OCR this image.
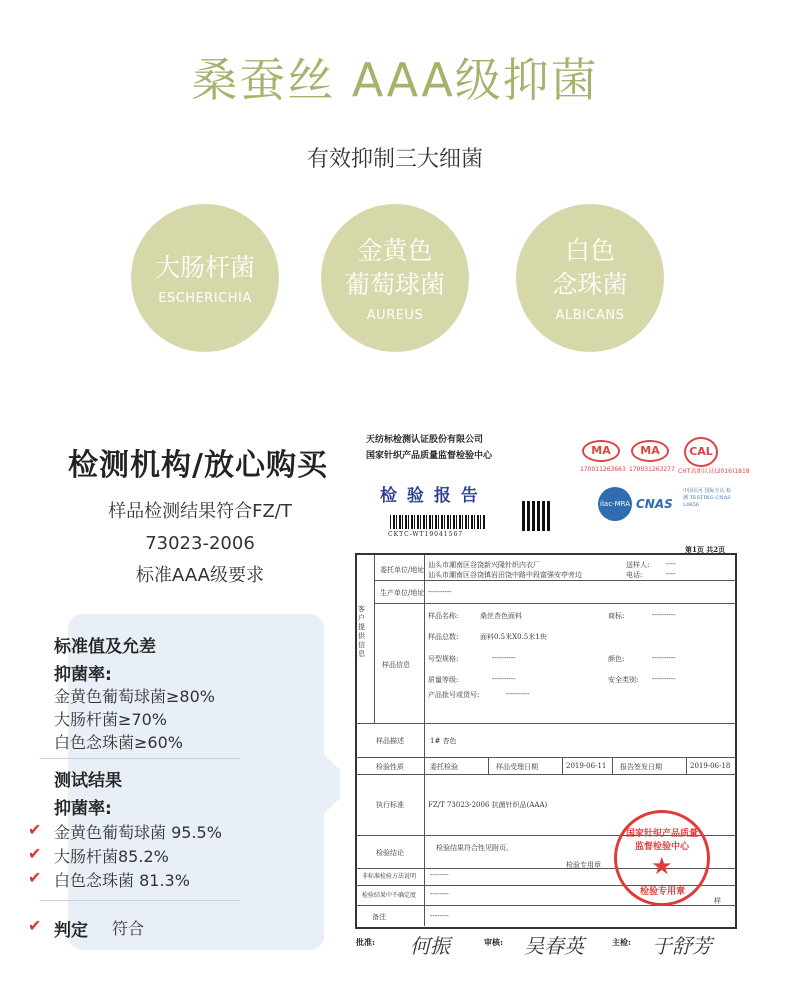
桑蚕丝 AAA级抑菌
有效抑制三大细菌
大肠杆菌
ESCHERICHIA
金黄色
葡萄球菌
AUREUS
白色
念珠菌
ALBICANS
检测机构/放心购买
样品检测结果符合FZ/T
73023-2006
标准AAA级要求
标准值及允差
抑菌率:
金黄色葡萄球菌≥80%
大肠杆菌≥70%
白色念珠菌≥60%
测试结果
抑菌率:
✔ 金黄色葡萄球菌 95.5%
✔ 大肠杆菌85.2%
✔ 白色念珠菌 81.3%
✔ 判定 符合
天纺标检测认证股份有限公司
国家针织产品质量监督检验中心
检 验 报 告
CKTC-WT19041567
MA	MA	CAL
170011263663 170031263277 CHT高新认证(2016)1818
ilac-MRA CNAS
中国认可 国际互认 检测 TESTING CNAS L0656
第1页 共2页
客户提供信息
委托单位/地址
汕头市潮南区谷饶新兴隆针织内衣厂
汕头市潮南区谷饶镇岩田饶中路中段富强安亭旁边
送样人: ----
电话:	----
生产单位/地址 ----------
样品信息
样品名称:	桑丝杏色面料	商标:	----------
样品总数:	面料0.5米X0.5米1块
号型规格:	----------	颜色:	----------
质量等级:	----------	安全类别: ----------
产品批号或货号:	----------
样品描述	1# 杏色
检验性质	委托检验	样品受理日期	2019-06-11 报告签发日期	2019-06-18
执行标准	FZ/T 73023-2006 抗菌针织品(AAA)
检验结论
检验结果符合性见附页。
检验专用章
非标准检验方法说明 --------
检验结果中不确定度 --------
备注	--------
国家针织产品质量监督检验中心
★
检验专用章
样
批准: 何振	审核: 吴春英	主检: 于舒芳
